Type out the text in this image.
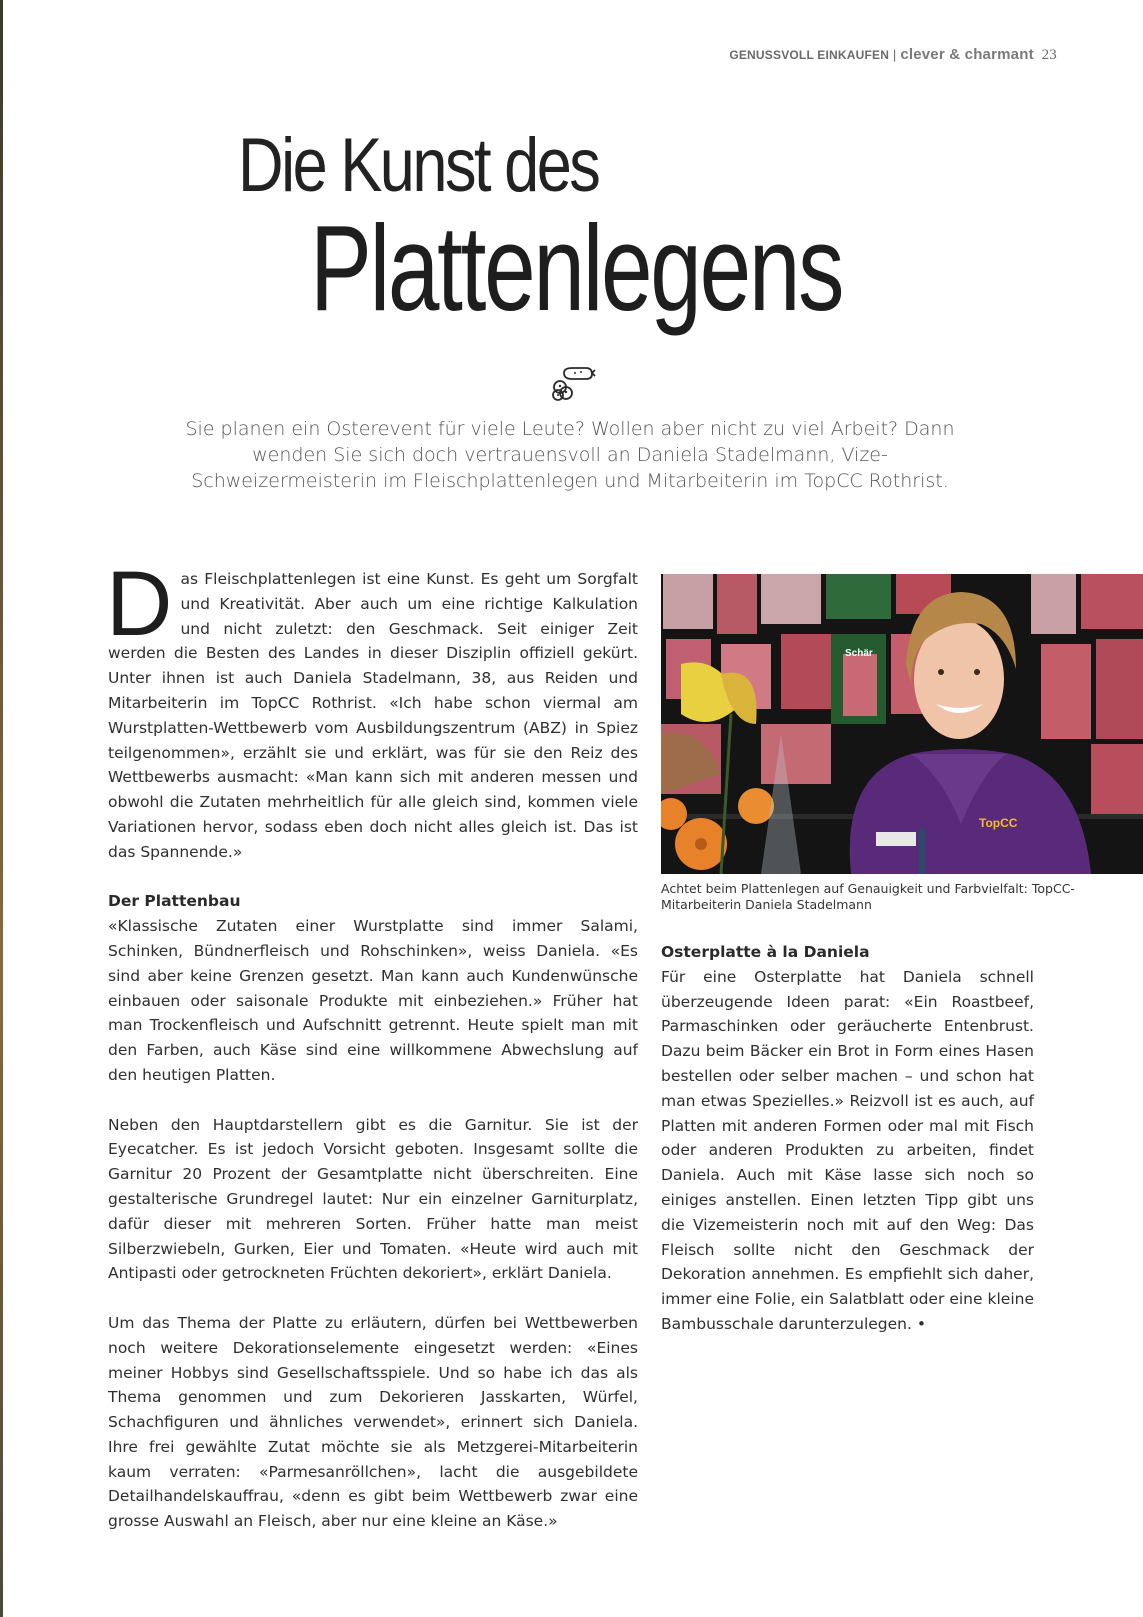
GENUSSVOLL EINKAUFEN | clever & charmant 23
Die Kunst des
Plattenlegens
Sie planen ein Osterevent für viele Leute? Wollen aber nicht zu viel Arbeit? Dann wenden Sie sich doch vertrauensvoll an Daniela Stadelmann, Vize-Schweizermeisterin im Fleischplattenlegen und Mitarbeiterin im TopCC Rothrist.

Das Fleischplattenlegen ist eine Kunst. Es geht um Sorgfalt und Kreativität. Aber auch um eine richtige Kalkulation und nicht zuletzt: den Geschmack. Seit einiger Zeit werden die Besten des Landes in dieser Disziplin offiziell gekürt. Unter ihnen ist auch Daniela Stadelmann, 38, aus Reiden und Mitarbeiterin im TopCC Rothrist. «Ich habe schon viermal am Wurstplatten-Wettbewerb vom Ausbildungszentrum (ABZ) in Spiez teilgenommen», erzählt sie und erklärt, was für sie den Reiz des Wettbewerbs ausmacht: «Man kann sich mit anderen messen und obwohl die Zutaten mehrheitlich für alle gleich sind, kommen viele Variationen hervor, sodass eben doch nicht alles gleich ist. Das ist das Spannende.»

Der Plattenbau

«Klassische Zutaten einer Wurstplatte sind immer Salami, Schinken, Bündnerfleisch und Rohschinken», weiss Daniela. «Es sind aber keine Grenzen gesetzt. Man kann auch Kundenwünsche einbauen oder saisonale Produkte mit einbeziehen.» Früher hat man Trockenfleisch und Aufschnitt getrennt. Heute spielt man mit den Farben, auch Käse sind eine willkommene Abwechslung auf den heutigen Platten.

Neben den Hauptdarstellern gibt es die Garnitur. Sie ist der Eyecatcher. Es ist jedoch Vorsicht geboten. Insgesamt sollte die Garnitur 20 Prozent der Gesamtplatte nicht überschreiten. Eine gestalterische Grundregel lautet: Nur ein einzelner Garniturplatz, dafür dieser mit mehreren Sorten. Früher hatte man meist Silberzwiebeln, Gurken, Eier und Tomaten. «Heute wird auch mit Antipasti oder getrockneten Früchten dekoriert», erklärt Daniela.

Um das Thema der Platte zu erläutern, dürfen bei Wettbewerben noch weitere Dekorationselemente eingesetzt werden: «Eines meiner Hobbys sind Gesellschaftsspiele. Und so habe ich das als Thema genommen und zum Dekorieren Jasskarten, Würfel, Schachfiguren und ähnliches verwendet», erinnert sich Daniela. Ihre frei gewählte Zutat möchte sie als Metzgerei-Mitarbeiterin kaum verraten: «Parmesanröllchen», lacht die ausgebildete Detailhandelskauffrau, «denn es gibt beim Wettbewerb zwar eine grosse Auswahl an Fleisch, aber nur eine kleine an Käse.»

TopCC
Schär
Achtet beim Plattenlegen auf Genauigkeit und Farbvielfalt: TopCC-Mitarbeiterin Daniela Stadelmann
Osterplatte à la Daniela

Für eine Osterplatte hat Daniela schnell überzeugende Ideen parat: «Ein Roastbeef, Parmaschinken oder geräucherte Entenbrust. Dazu beim Bäcker ein Brot in Form eines Hasen bestellen oder selber machen – und schon hat man etwas Spezielles.» Reizvoll ist es auch, auf Platten mit anderen Formen oder mal mit Fisch oder anderen Produkten zu arbeiten, findet Daniela. Auch mit Käse lasse sich noch so einiges anstellen. Einen letzten Tipp gibt uns die Vizemeisterin noch mit auf den Weg: Das Fleisch sollte nicht den Geschmack der Dekoration annehmen. Es empfiehlt sich daher, immer eine Folie, ein Salatblatt oder eine kleine Bambusschale darunterzulegen. •
